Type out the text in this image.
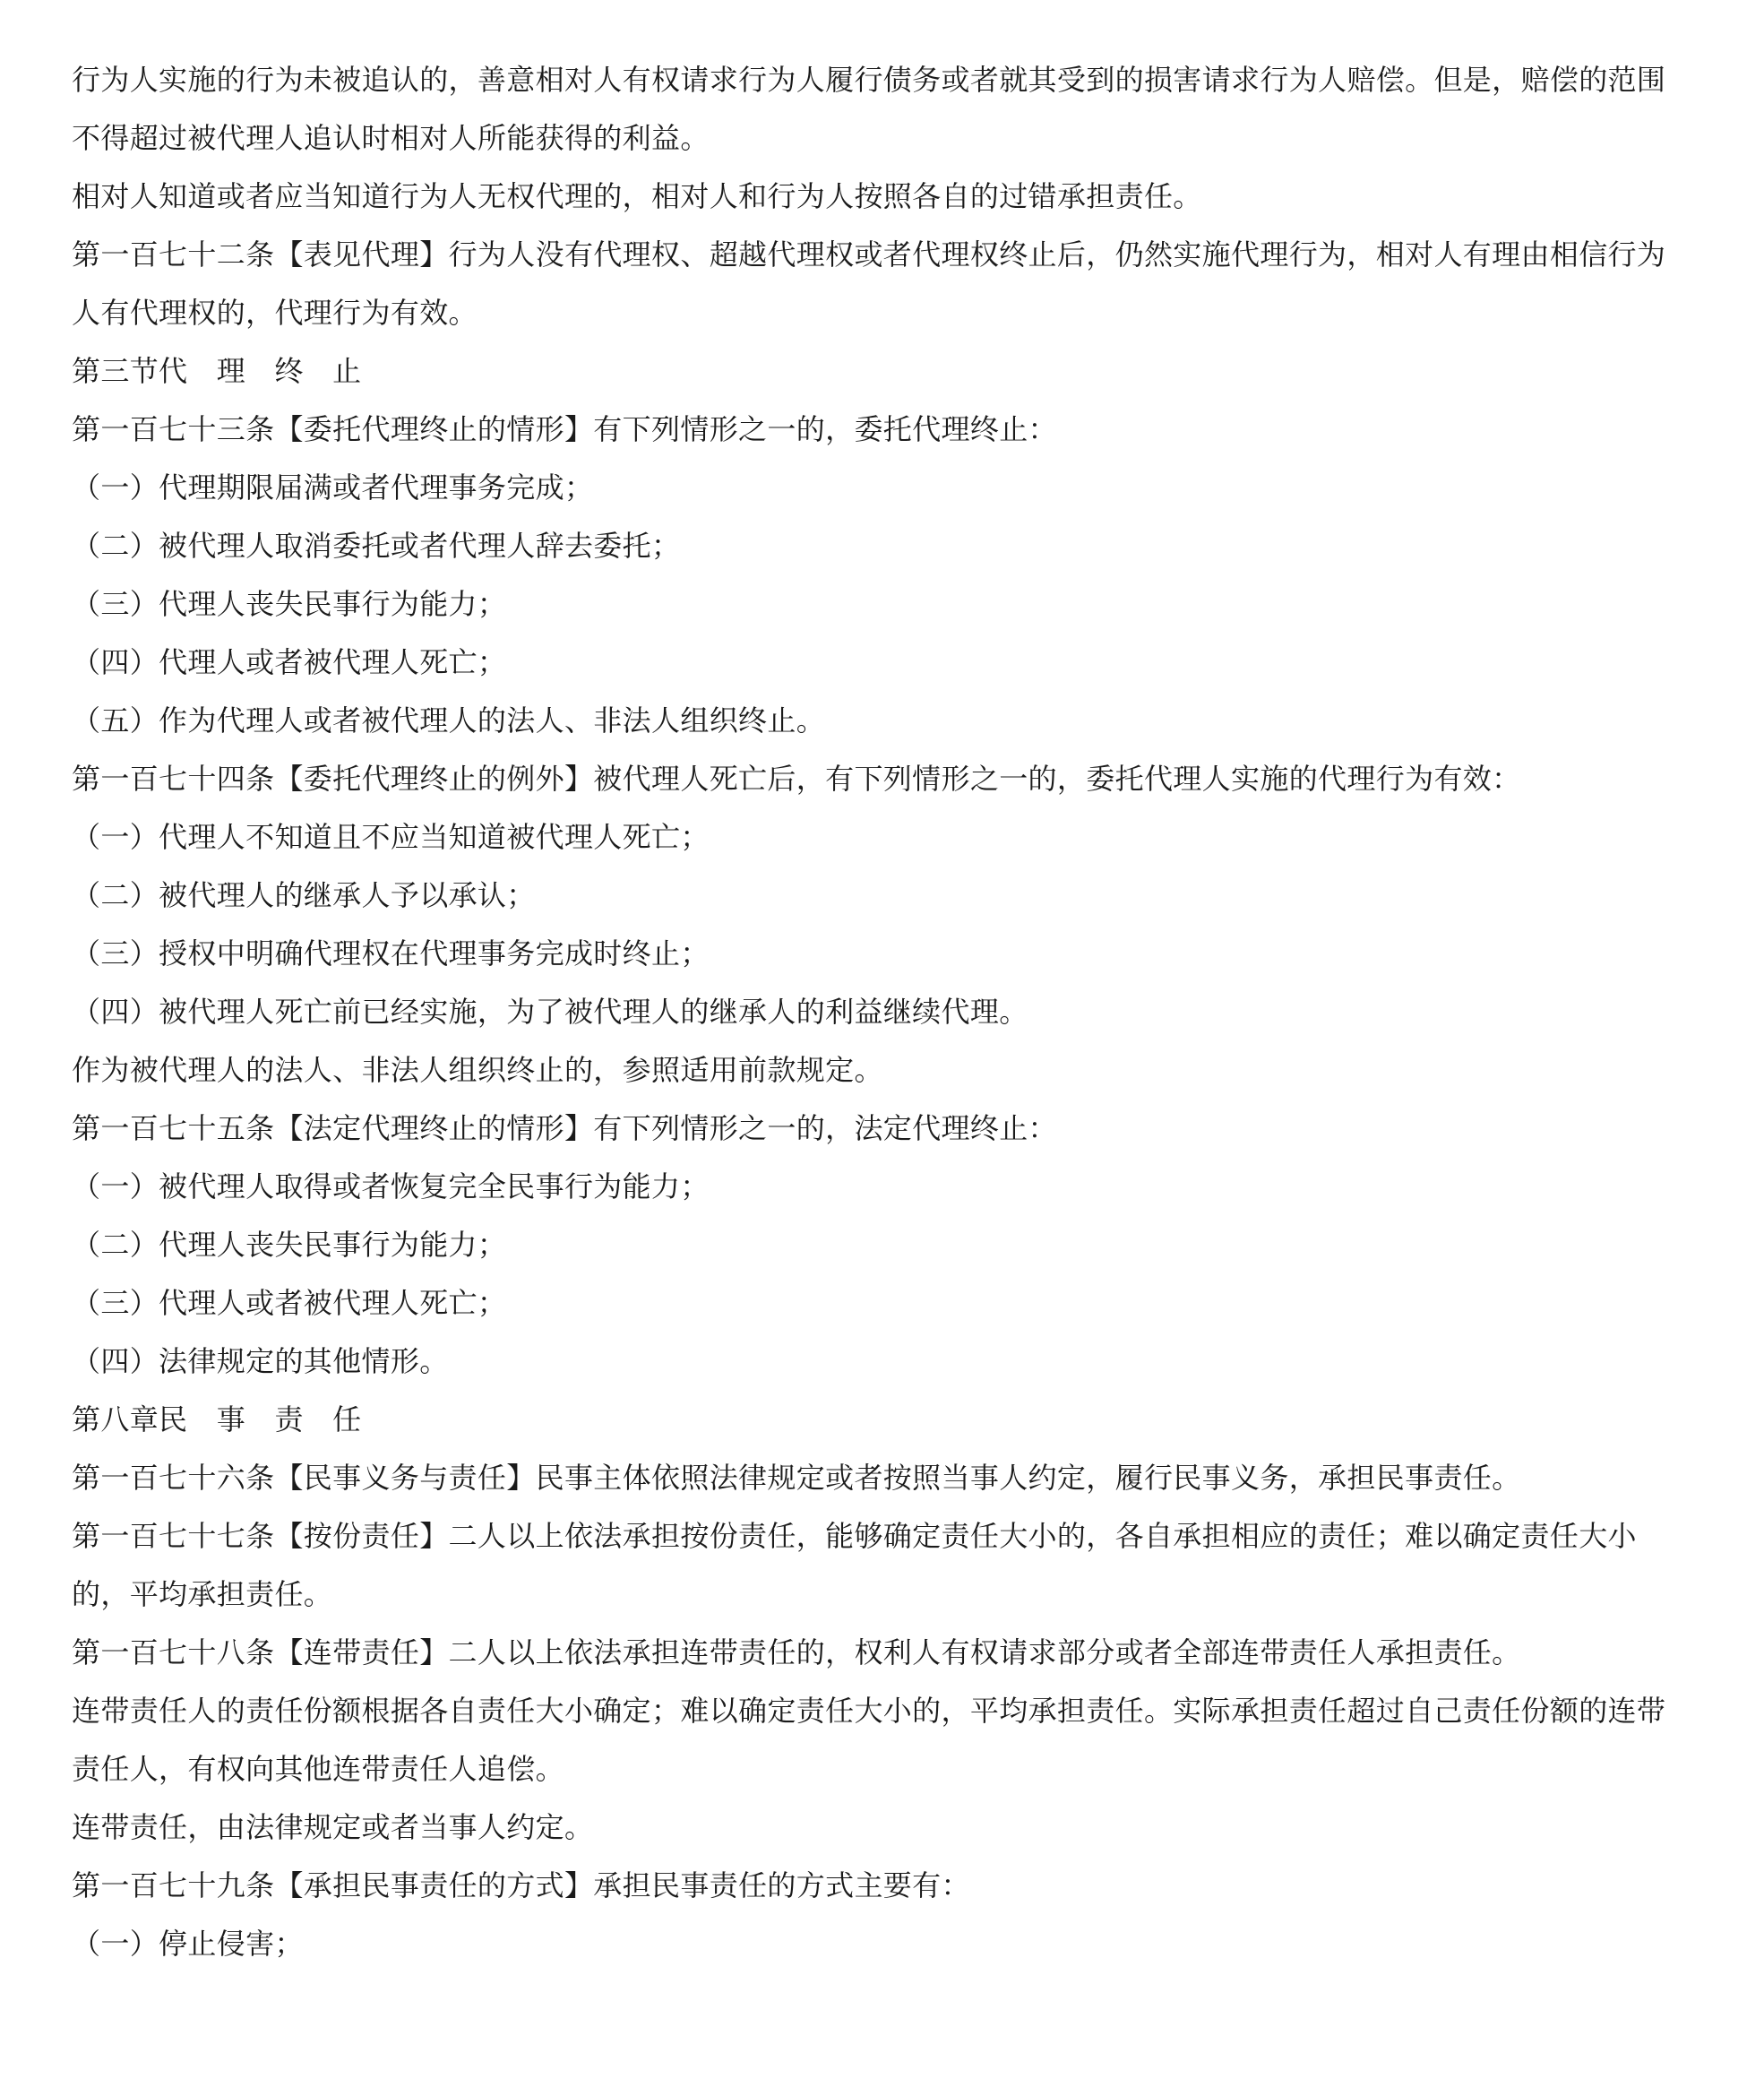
行为人实施的行为未被追认的，善意相对人有权请求行为人履行债务或者就其受到的损害请求行为人赔偿。但是，赔偿的范围不得超过被代理人追认时相对人所能获得的利益。

相对人知道或者应当知道行为人无权代理的，相对人和行为人按照各自的过错承担责任。

第一百七十二条【表见代理】行为人没有代理权、超越代理权或者代理权终止后，仍然实施代理行为，相对人有理由相信行为人有代理权的，代理行为有效。

第三节代　理　终　止

第一百七十三条【委托代理终止的情形】有下列情形之一的，委托代理终止：

（一）代理期限届满或者代理事务完成；

（二）被代理人取消委托或者代理人辞去委托；

（三）代理人丧失民事行为能力；

（四）代理人或者被代理人死亡；

（五）作为代理人或者被代理人的法人、非法人组织终止。

第一百七十四条【委托代理终止的例外】被代理人死亡后，有下列情形之一的，委托代理人实施的代理行为有效：

（一）代理人不知道且不应当知道被代理人死亡；

（二）被代理人的继承人予以承认；

（三）授权中明确代理权在代理事务完成时终止；

（四）被代理人死亡前已经实施，为了被代理人的继承人的利益继续代理。

作为被代理人的法人、非法人组织终止的，参照适用前款规定。

第一百七十五条【法定代理终止的情形】有下列情形之一的，法定代理终止：

（一）被代理人取得或者恢复完全民事行为能力；

（二）代理人丧失民事行为能力；

（三）代理人或者被代理人死亡；

（四）法律规定的其他情形。

第八章民　事　责　任

第一百七十六条【民事义务与责任】民事主体依照法律规定或者按照当事人约定，履行民事义务，承担民事责任。

第一百七十七条【按份责任】二人以上依法承担按份责任，能够确定责任大小的，各自承担相应的责任；难以确定责任大小的，平均承担责任。

第一百七十八条【连带责任】二人以上依法承担连带责任的，权利人有权请求部分或者全部连带责任人承担责任。

连带责任人的责任份额根据各自责任大小确定；难以确定责任大小的，平均承担责任。实际承担责任超过自己责任份额的连带责任人，有权向其他连带责任人追偿。

连带责任，由法律规定或者当事人约定。

第一百七十九条【承担民事责任的方式】承担民事责任的方式主要有：

（一）停止侵害；
